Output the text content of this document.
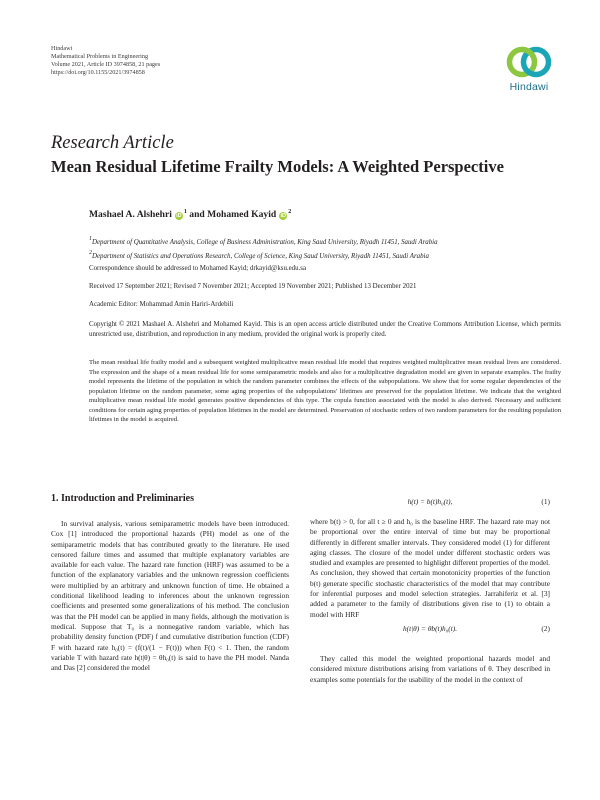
Hindawi
Mathematical Problems in Engineering
Volume 2021, Article ID 3974858, 21 pages
https://doi.org/10.1155/2021/3974858
Hindawi
Research Article
Mean Residual Lifetime Frailty Models: A Weighted Perspective
Mashael A. Alshehri $iD^1$ and Mohamed Kayid $iD^2$
1Department of Quantitative Analysis, College of Business Administration, King Saud University, Riyadh 11451, Saudi Arabia
2Department of Statistics and Operations Research, College of Science, King Saud University, Riyadh 11451, Saudi Arabia
Correspondence should be addressed to Mohamed Kayid; drkayid@ksu.edu.sa
Received 17 September 2021; Revised 7 November 2021; Accepted 19 November 2021; Published 13 December 2021
Academic Editor: Mohammad Amin Hariri-Ardebili
Copyright © 2021 Mashael A. Alshehri and Mohamed Kayid. This is an open access article distributed under the Creative Commons Attribution License, which permits unrestricted use, distribution, and reproduction in any medium, provided the original work is properly cited.
The mean residual life frailty model and a subsequent weighted multiplicative mean residual life model that requires weighted multiplicative mean residual lives are considered. The expression and the shape of a mean residual life for some semiparametric models and also for a multiplicative degradation model are given in separate examples. The frailty model represents the lifetime of the population in which the random parameter combines the effects of the subpopulations. We show that for some regular dependencies of the population lifetime on the random parameter, some aging properties of the subpopulations' lifetimes are preserved for the population lifetime. We indicate that the weighted multiplicative mean residual life model generates positive dependencies of this type. The copula function associated with the model is also derived. Necessary and sufficient conditions for certain aging properties of population lifetimes in the model are determined. Preservation of stochastic orders of two random parameters for the resulting population lifetimes in the model is acquired.
1. Introduction and Preliminaries

In survival analysis, various semiparametric models have been introduced. Cox [1] introduced the proportional hazards (PH) model as one of the semiparametric models that has contributed greatly to the literature. He used censored failure times and assumed that multiple explanatory variables are available for each value. The hazard rate function (HRF) was assumed to be a function of the explanatory variables and the unknown regression coefficients were multiplied by an arbitrary and unknown function of time. He obtained a conditional likelihood leading to inferences about the unknown regression coefficients and presented some generalizations of his method. The conclusion was that the PH model can be applied in many fields, although the motivation is medical. Suppose that T₀ is a nonnegative random variable, which has probability density function (PDF) f and cumulative distribution function (CDF) F with hazard rate h₀(t) = (f(t)/(1 − F(t))) when F(t) < 1. Then, the random variable T with hazard rate h(t|θ) = θh₀(t) is said to have the PH model. Nanda and Das [2] considered the model

h(t) = b(t)h₀(t),	(1)

where b(t) > 0, for all t ≥ 0 and h₀ is the baseline HRF. The hazard rate may not be proportional over the entire interval of time but may be proportional differently in different smaller intervals. They considered model (1) for different aging classes. The closure of the model under different stochastic orders was studied and examples are presented to highlight different properties of the model. As conclusion, they showed that certain monotonicity properties of the function b(t) generate specific stochastic characteristics of the model that may contribute for inferential purposes and model selection strategies. Jarrahiferiz et al. [3] added a parameter to the family of distributions given rise to (1) to obtain a model with HRF

h(t|θ) = θb(t)h₀(t).	(2)

They called this model the weighted proportional hazards model and considered mixture distributions arising from variations of θ. They described in examples some potentials for the usability of the model in the context of
